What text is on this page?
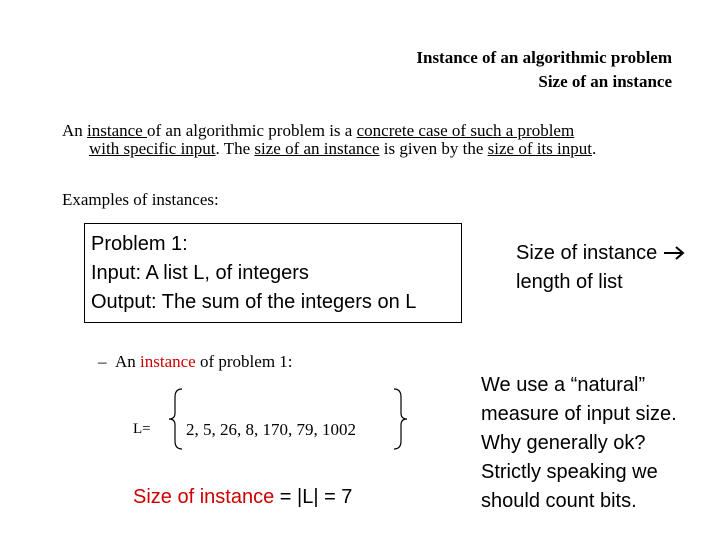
Instance of an algorithmic problem
Size of an instance
An instance of an algorithmic problem is a concrete case of such a problem
with specific input. The size of an instance is given by the size of its input.
Examples of instances:
Problem 1:
Input: A list L, of integers
Output: The sum of the integers on L
Size of instance
length of list
– An instance of problem 1:
L= 2, 5, 26, 8, 170, 79, 1002
Size of instance = |L| = 7
We use a “natural”
measure of input size.
Why generally ok?
Strictly speaking we
should count bits.
